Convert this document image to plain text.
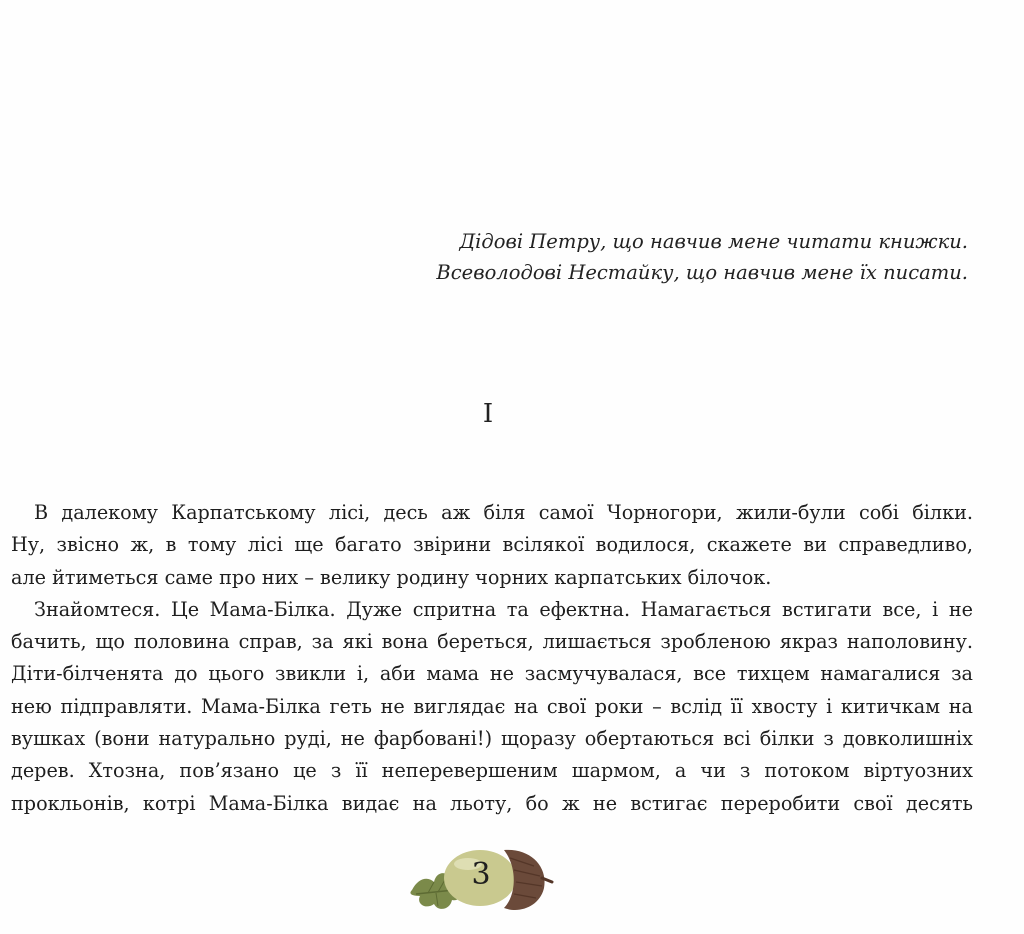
Дідові Петру, що навчив мене читати книжки.
Всеволодові Нестайку, що навчив мене їх писати.
I

В далекому Карпатському лісі, десь аж біля самої Чорногори, жили-були собі білки.
Ну, звісно ж, в тому лісі ще багато звірини всілякої водилося, скажете ви справедливо,
але йтиметься саме про них – велику родину чорних карпатських білочок.

Знайомтеся. Це Мама-Білка. Дуже спритна та ефектна. Намагається встигати все, і не
бачить, що половина справ, за які вона береться, лишається зробленою якраз наполовину.
Діти-білченята до цього звикли і, аби мама не засмучувалася, все тихцем намагалися за
нею підправляти. Мама-Білка геть не виглядає на свої роки – вслід її хвосту і китичкам на
вушках (вони натурально руді, не фарбовані!) щоразу обертаються всі білки з довколишніх
дерев. Хтозна, пов’язано це з її неперевершеним шармом, а чи з потоком віртуозних
прокльонів, котрі Мама-Білка видає на льоту, бо ж не встигає переробити свої десять

3
